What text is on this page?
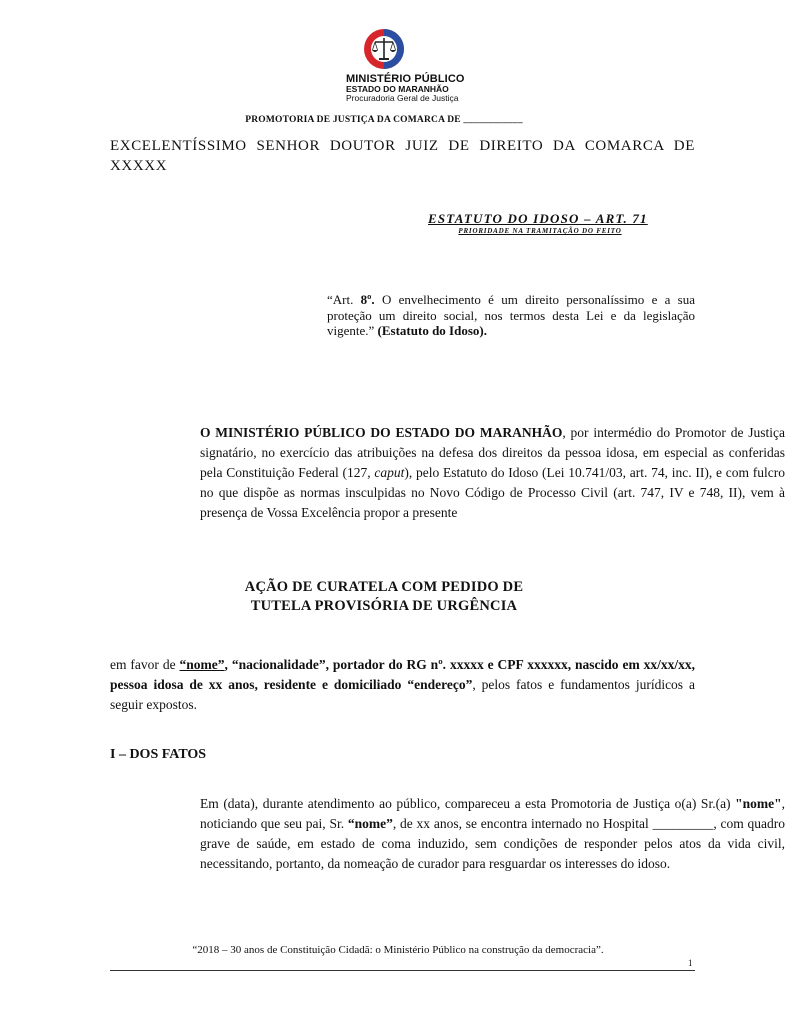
MINISTÉRIO PÚBLICO
ESTADO DO MARANHÃO
Procuradoria Geral de Justiça
PROMOTORIA DE JUSTIÇA DA COMARCA DE ____________
EXCELENTÍSSIMO SENHOR DOUTOR JUIZ DE DIREITO DA COMARCA DE XXXXX
ESTATUTO DO IDOSO – ART. 71
PRIORIDADE NA TRAMITAÇÃO DO FEITO
“Art. 8º. O envelhecimento é um direito personalíssimo e a sua proteção um direito social, nos termos desta Lei e da legislação vigente.” (Estatuto do Idoso).
O MINISTÉRIO PÚBLICO DO ESTADO DO MARANHÃO, por intermédio do Promotor de Justiça signatário, no exercício das atribuições na defesa dos direitos da pessoa idosa, em especial as conferidas pela Constituição Federal (127, caput), pelo Estatuto do Idoso (Lei 10.741/03, art. 74, inc. II), e com fulcro no que dispõe as normas insculpidas no Novo Código de Processo Civil (art. 747, IV e 748, II), vem à presença de Vossa Excelência propor a presente
AÇÃO DE CURATELA COM PEDIDO DE
TUTELA PROVISÓRIA DE URGÊNCIA
em favor de “nome”, “nacionalidade”, portador do RG nº. xxxxx e CPF xxxxxx, nascido em xx/xx/xx, pessoa idosa de xx anos, residente e domiciliado “endereço”, pelos fatos e fundamentos jurídicos a seguir expostos.
I – DOS FATOS
Em (data), durante atendimento ao público, compareceu a esta Promotoria de Justiça o(a) Sr.(a) "nome", noticiando que seu pai, Sr. “nome”, de xx anos, se encontra internado no Hospital _________, com quadro grave de saúde, em estado de coma induzido, sem condições de responder pelos atos da vida civil, necessitando, portanto, da nomeação de curador para resguardar os interesses do idoso.
“2018 – 30 anos de Constituição Cidadã: o Ministério Público na construção da democracia”.
1
